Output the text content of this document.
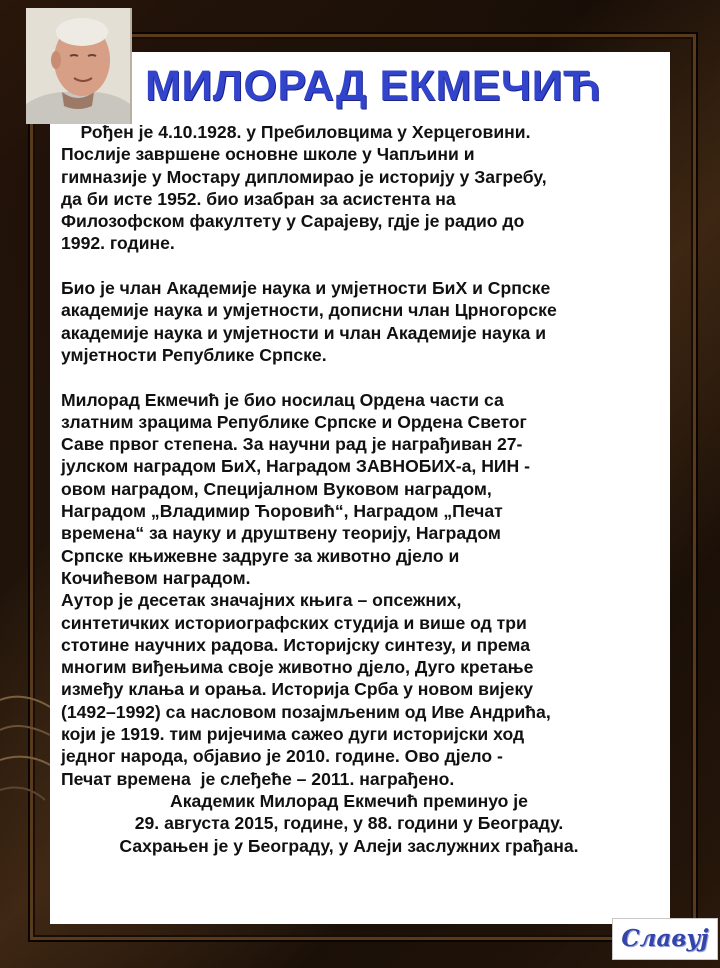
МИЛОРАД ЕКМЕЧИЋ
Рођен је 4.10.1928. у Пребиловцима у Херцеговини.
Послије завршене основне школе у Чапљини и
гимназије у Мостару дипломирао је историју у Загребу,
да би исте 1952. био изабран за асистента на
Филозофском факултету у Сарајеву, гдје је радио до
1992. године.
Био је члан Академије наука и умјетности БиХ и Српске
академије наука и умјетности, дописни члан Црногорске
академије наука и умјетности и члан Академије наука и
умјетности Републике Српске.
Милорад Екмечић је био носилац Ордена части са
златним зрацима Републике Српске и Ордена Светог
Саве првог степена. За научни рад је награђиван 27-
јулском наградом БиХ, Наградом ЗАВНОБИХ-а, НИН -
овом наградом, Специјалном Вуковом наградом,
Наградом „Владимир Ћоровић“, Наградом „Печат
времена“ за науку и друштвену теорију, Наградом
Српске књижевне задруге за животно дјело и
Кочићевом наградом.
Аутор је десетак значајних књига – опсежних,
синтетичких историографских студија и више од три
стотине научних радова. Историјску синтезу, и према
многим виђењима своје животно дјело, Дуго кретање
између клања и орања. Историја Срба у новом вијеку
(1492–1992) са насловом позајмљеним од Иве Андрића,
који је 1919. тим ријечима сажео дуги историјски ход
једног народа, објавио је 2010. године. Ово дјело -
Печат времена  је слеђеће – 2011. награђено.
Академик Милорад Екмечић преминуо је
29. августа 2015, године, у 88. години у Београду.
Сахрањен је у Београду, у Алеји заслужних грађана.
Славуј
